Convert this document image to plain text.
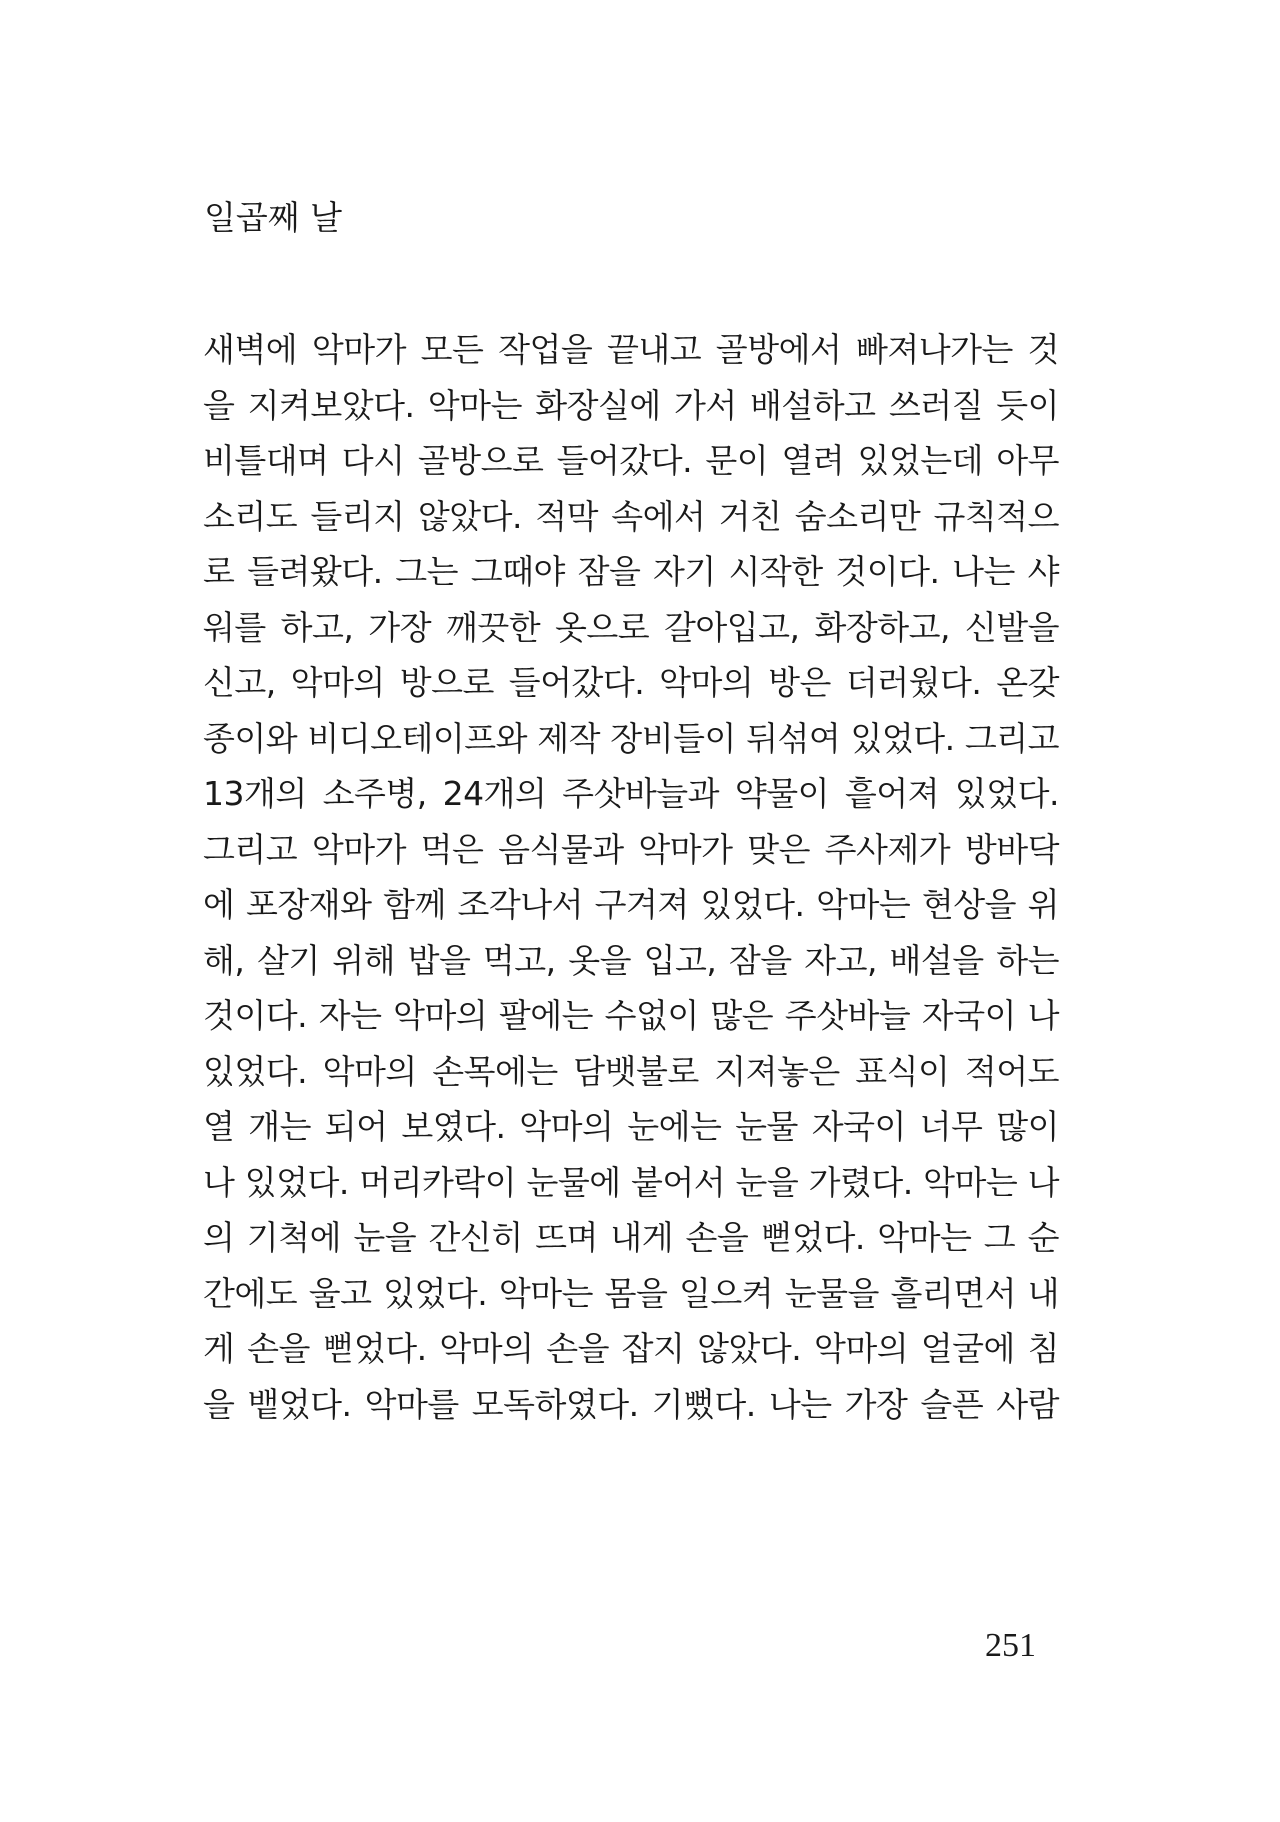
일곱째 날
새벽에 악마가 모든 작업을 끝내고 골방에서 빠져나가는 것
을 지켜보았다. 악마는 화장실에 가서 배설하고 쓰러질 듯이
비틀대며 다시 골방으로 들어갔다. 문이 열려 있었는데 아무
소리도 들리지 않았다. 적막 속에서 거친 숨소리만 규칙적으
로 들려왔다. 그는 그때야 잠을 자기 시작한 것이다. 나는 샤
워를 하고, 가장 깨끗한 옷으로 갈아입고, 화장하고, 신발을
신고, 악마의 방으로 들어갔다. 악마의 방은 더러웠다. 온갖
종이와 비디오테이프와 제작 장비들이 뒤섞여 있었다. 그리고
13개의 소주병, 24개의 주삿바늘과 약물이 흩어져 있었다.
그리고 악마가 먹은 음식물과 악마가 맞은 주사제가 방바닥
에 포장재와 함께 조각나서 구겨져 있었다. 악마는 현상을 위
해, 살기 위해 밥을 먹고, 옷을 입고, 잠을 자고, 배설을 하는
것이다. 자는 악마의 팔에는 수없이 많은 주삿바늘 자국이 나
있었다. 악마의 손목에는 담뱃불로 지져놓은 표식이 적어도
열 개는 되어 보였다. 악마의 눈에는 눈물 자국이 너무 많이
나 있었다. 머리카락이 눈물에 붙어서 눈을 가렸다. 악마는 나
의 기척에 눈을 간신히 뜨며 내게 손을 뻗었다. 악마는 그 순
간에도 울고 있었다. 악마는 몸을 일으켜 눈물을 흘리면서 내
게 손을 뻗었다. 악마의 손을 잡지 않았다. 악마의 얼굴에 침
을 뱉었다. 악마를 모독하였다. 기뻤다. 나는 가장 슬픈 사람
251
